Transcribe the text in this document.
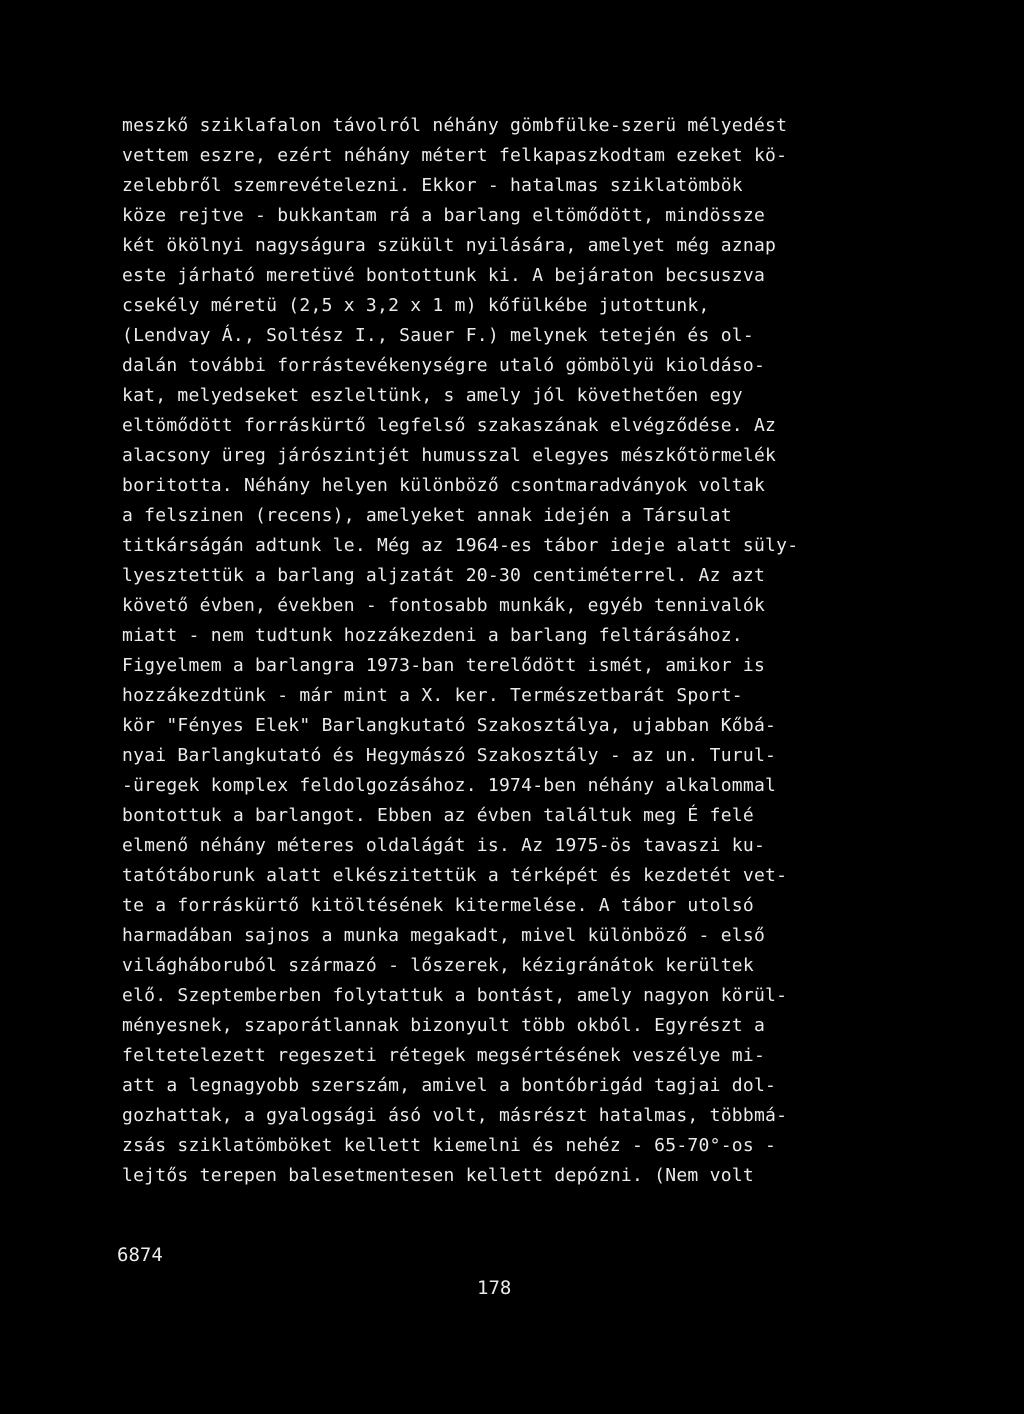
meszkő sziklafalon távolról néhány gömbfülke-szerü mélyedést
vettem eszre, ezért néhány métert felkapaszkodtam ezeket kö-
zelebbről szemrevételezni. Ekkor - hatalmas sziklatömbök
köze rejtve - bukkantam rá a barlang eltömődött, mindössze
két ökölnyi nagyságura szükült nyilására, amelyet még aznap
este járható meretüvé bontottunk ki. A bejáraton becsuszva
csekély méretü (2,5 x 3,2 x 1 m) kőfülkébe jutottunk,
(Lendvay Á., Soltész I., Sauer F.) melynek tetején és ol-
dalán további forrástevékenységre utaló gömbölyü kioldáso-
kat, melyedseket eszleltünk, s amely jól követhetően egy
eltömődött forráskürtő legfelső szakaszának elvégződése. Az
alacsony üreg járószintjét humusszal elegyes mészkőtörmelék
boritotta. Néhány helyen különböző csontmaradványok voltak
a felszinen (recens), amelyeket annak idején a Társulat
titkárságán adtunk le. Még az 1964-es tábor ideje alatt süly-
lyesztettük a barlang aljzatát 20-30 centiméterrel. Az azt
követő évben, években - fontosabb munkák, egyéb tennivalók
miatt - nem tudtunk hozzákezdeni a barlang feltárásához.
Figyelmem a barlangra 1973-ban terelődött ismét, amikor is
hozzákezdtünk - már mint a X. ker. Természetbarát Sport-
kör "Fényes Elek" Barlangkutató Szakosztálya, ujabban Kőbá-
nyai Barlangkutató és Hegymászó Szakosztály - az un. Turul-
-üregek komplex feldolgozásához. 1974-ben néhány alkalommal
bontottuk a barlangot. Ebben az évben találtuk meg É felé
elmenő néhány méteres oldalágát is. Az 1975-ös tavaszi ku-
tatótáborunk alatt elkészitettük a térképét és kezdetét vet-
te a forráskürtő kitöltésének kitermelése. A tábor utolsó
harmadában sajnos a munka megakadt, mivel különböző - első
világháboruból származó - lőszerek, kézigránátok kerültek
elő. Szeptemberben folytattuk a bontást, amely nagyon körül-
ményesnek, szaporátlannak bizonyult több okból. Egyrészt a
feltetelezett regeszeti rétegek megsértésének veszélye mi-
att a legnagyobb szerszám, amivel a bontóbrigád tagjai dol-
gozhattak, a gyalogsági ásó volt, másrészt hatalmas, többmá-
zsás sziklatömböket kellett kiemelni és nehéz - 65-70°-os -
lejtős terepen balesetmentesen kellett depózni. (Nem volt
6874
178
